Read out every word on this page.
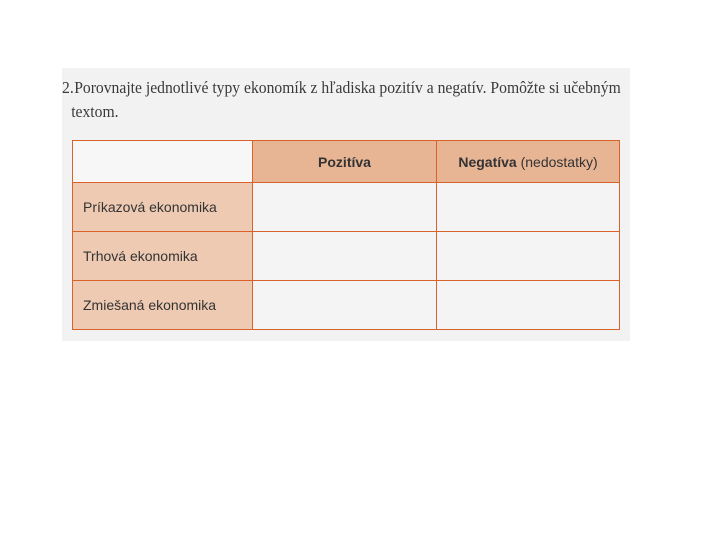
2. Porovnajte jednotlivé typy ekonomík z hľadiska pozitív a negatív. Pomôžte si učebným
textom.
	Pozitíva	Negatíva (nedostatky)
Príkazová ekonomika		
Trhová ekonomika		
Zmiešaná ekonomika		
